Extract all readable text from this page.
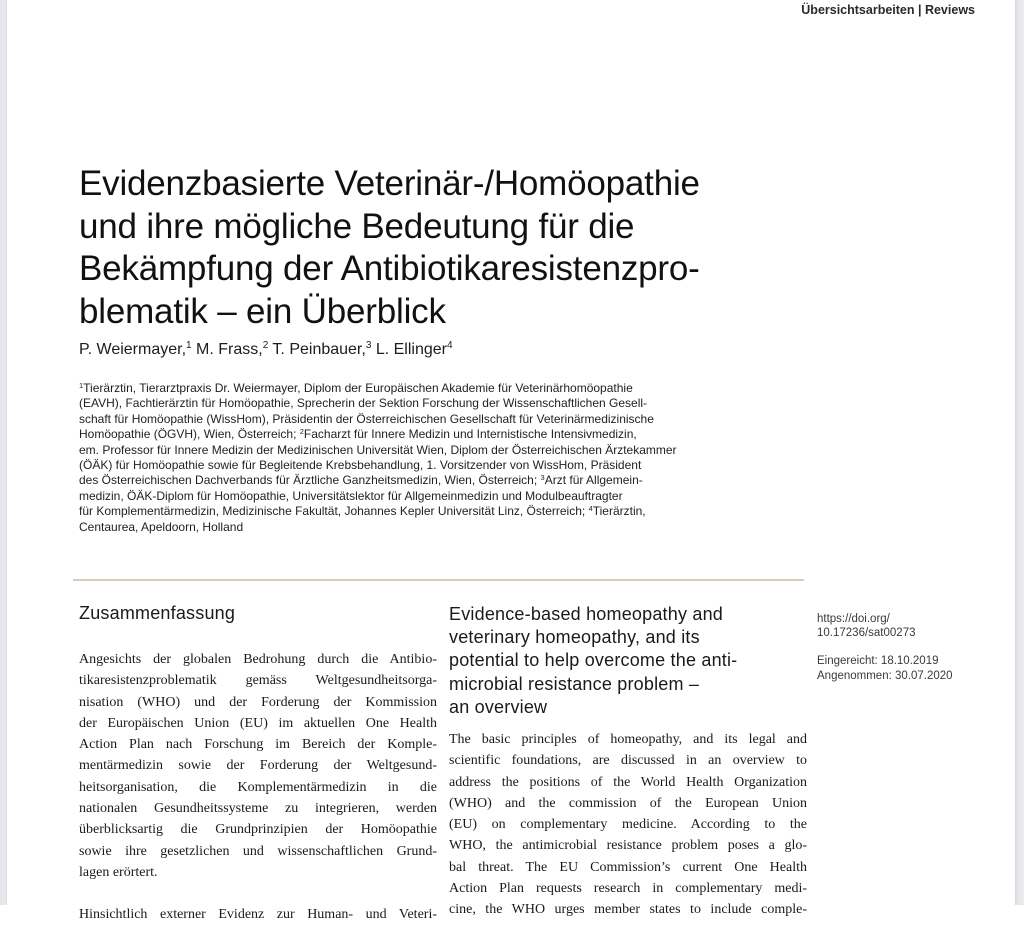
Übersichtsarbeiten | Reviews
Evidenzbasierte Veterinär-/Homöopathie
und ihre mögliche Bedeutung für die
Bekämpfung der Antibiotikaresistenzpro-
blematik – ein Überblick
P. Weiermayer,$^1$ M. Frass,$^2$ T. Peinbauer,$^3$ L. Ellinger$^4$
$^1$Tierärztin, Tierarztpraxis Dr. Weiermayer, Diplom der Europäischen Akademie für Veterinärhomöopathie
(EAVH), Fachtierärztin für Homöopathie, Sprecherin der Sektion Forschung der Wissenschaftlichen Gesell-
schaft für Homöopathie (WissHom), Präsidentin der Österreichischen Gesellschaft für Veterinärmedizinische
Homöopathie (ÖGVH), Wien, Österreich; $^2$Facharzt für Innere Medizin und Internistische Intensivmedizin,
em. Professor für Innere Medizin der Medizinischen Universität Wien, Diplom der Österreichischen Ärztekammer
(ÖÄK) für Homöopathie sowie für Begleitende Krebsbehandlung, 1. Vorsitzender von WissHom, Präsident
des Österreichischen Dachverbands für Ärztliche Ganzheitsmedizin, Wien, Österreich; $^3$Arzt für Allgemein-
medizin, ÖÄK-Diplom für Homöopathie, Universitätslektor für Allgemeinmedizin und Modulbeauftragter
für Komplementärmedizin, Medizinische Fakultät, Johannes Kepler Universität Linz, Österreich; $^4$Tierärztin,
Centaurea, Apeldoorn, Holland
Zusammenfassung
Angesichts der globalen Bedrohung durch die Antibio-
tikaresistenzproblematik gemäss Weltgesundheitsorga-
nisation (WHO) und der Forderung der Kommission
der Europäischen Union (EU) im aktuellen One Health
Action Plan nach Forschung im Bereich der Komple-
mentärmedizin sowie der Forderung der Weltgesund-
heitsorganisation, die Komplementärmedizin in die
nationalen Gesundheitssysteme zu integrieren, werden
überblicksartig die Grundprinzipien der Homöopathie
sowie ihre gesetzlichen und wissenschaftlichen Grund-
lagen erörtert.
Hinsichtlich externer Evidenz zur Human- und Veteri-
Evidence-based homeopathy and
veterinary homeopathy, and its
potential to help overcome the anti-
microbial resistance problem –
an overview
The basic principles of homeopathy, and its legal and
scientific foundations, are discussed in an overview to
address the positions of the World Health Organization
(WHO) and the commission of the European Union
(EU) on complementary medicine. According to the
WHO, the antimicrobial resistance problem poses a glo-
bal threat. The EU Commission’s current One Health
Action Plan requests research in complementary medi-
cine, the WHO urges member states to include comple-
https://doi.org/
10.17236/sat00273
Eingereicht: 18.10.2019
Angenommen: 30.07.2020
